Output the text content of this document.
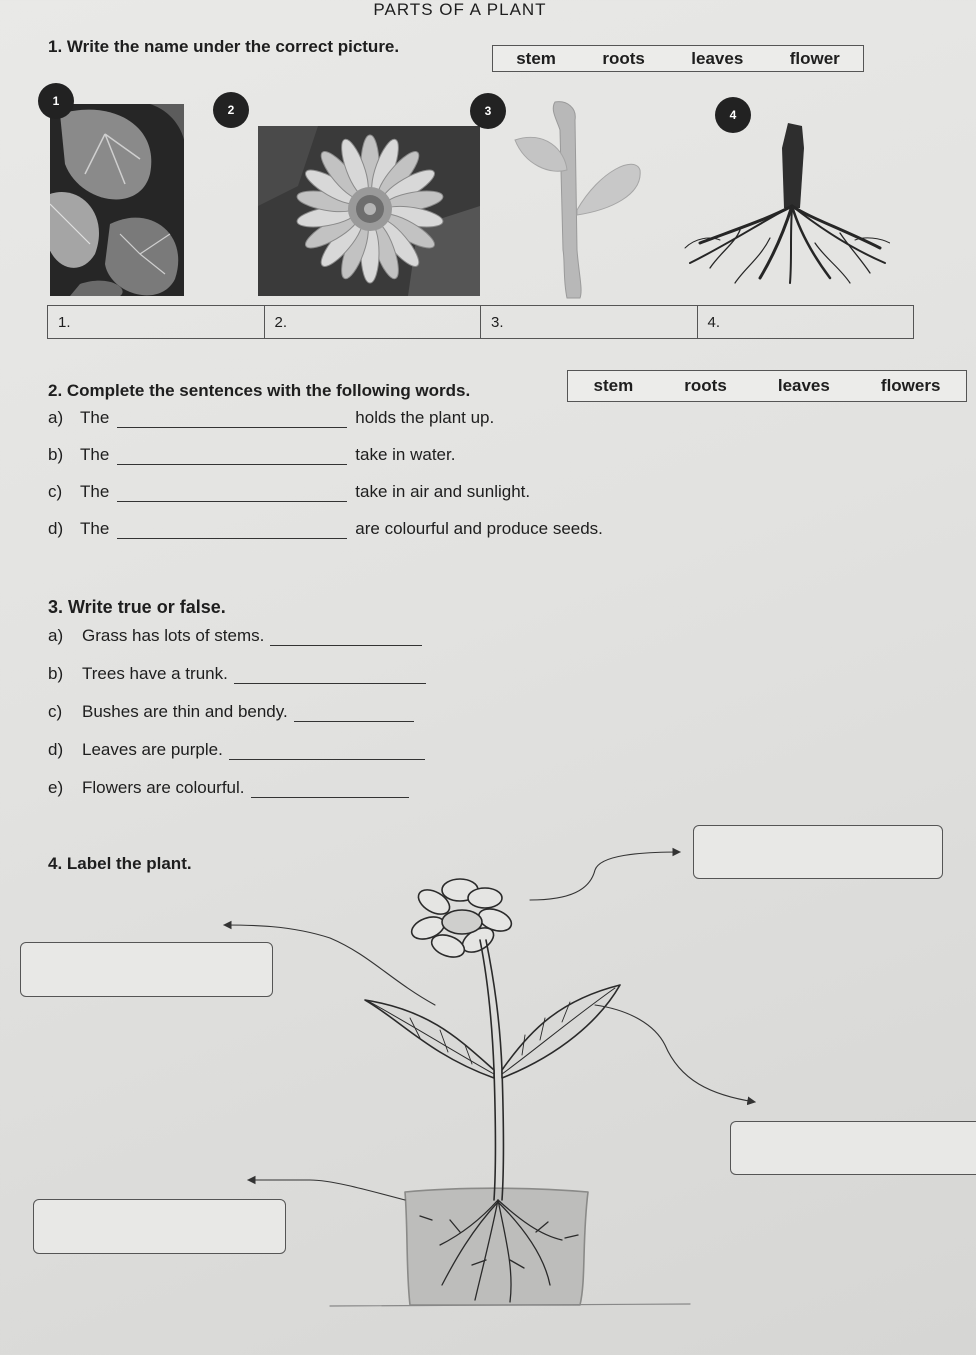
PARTS OF A PLANT
1. Write the name under the correct picture.
stem	roots	leaves	flower
1
2	3	4
1.	2.	3.	4.
2. Complete the sentences with the following words.	stem	roots	leaves	flowers
a) The	holds the plant up.
b) The	take in water.
c)	The	take in air and sunlight.
d) The	are colourful and produce seeds.
3. Write true or false.
a)	Grass has lots of stems.
b)	Trees have a trunk.
c)	Bushes are thin and bendy.
d)	Leaves are purple.
e)	Flowers are colourful.
4. Label the plant.
